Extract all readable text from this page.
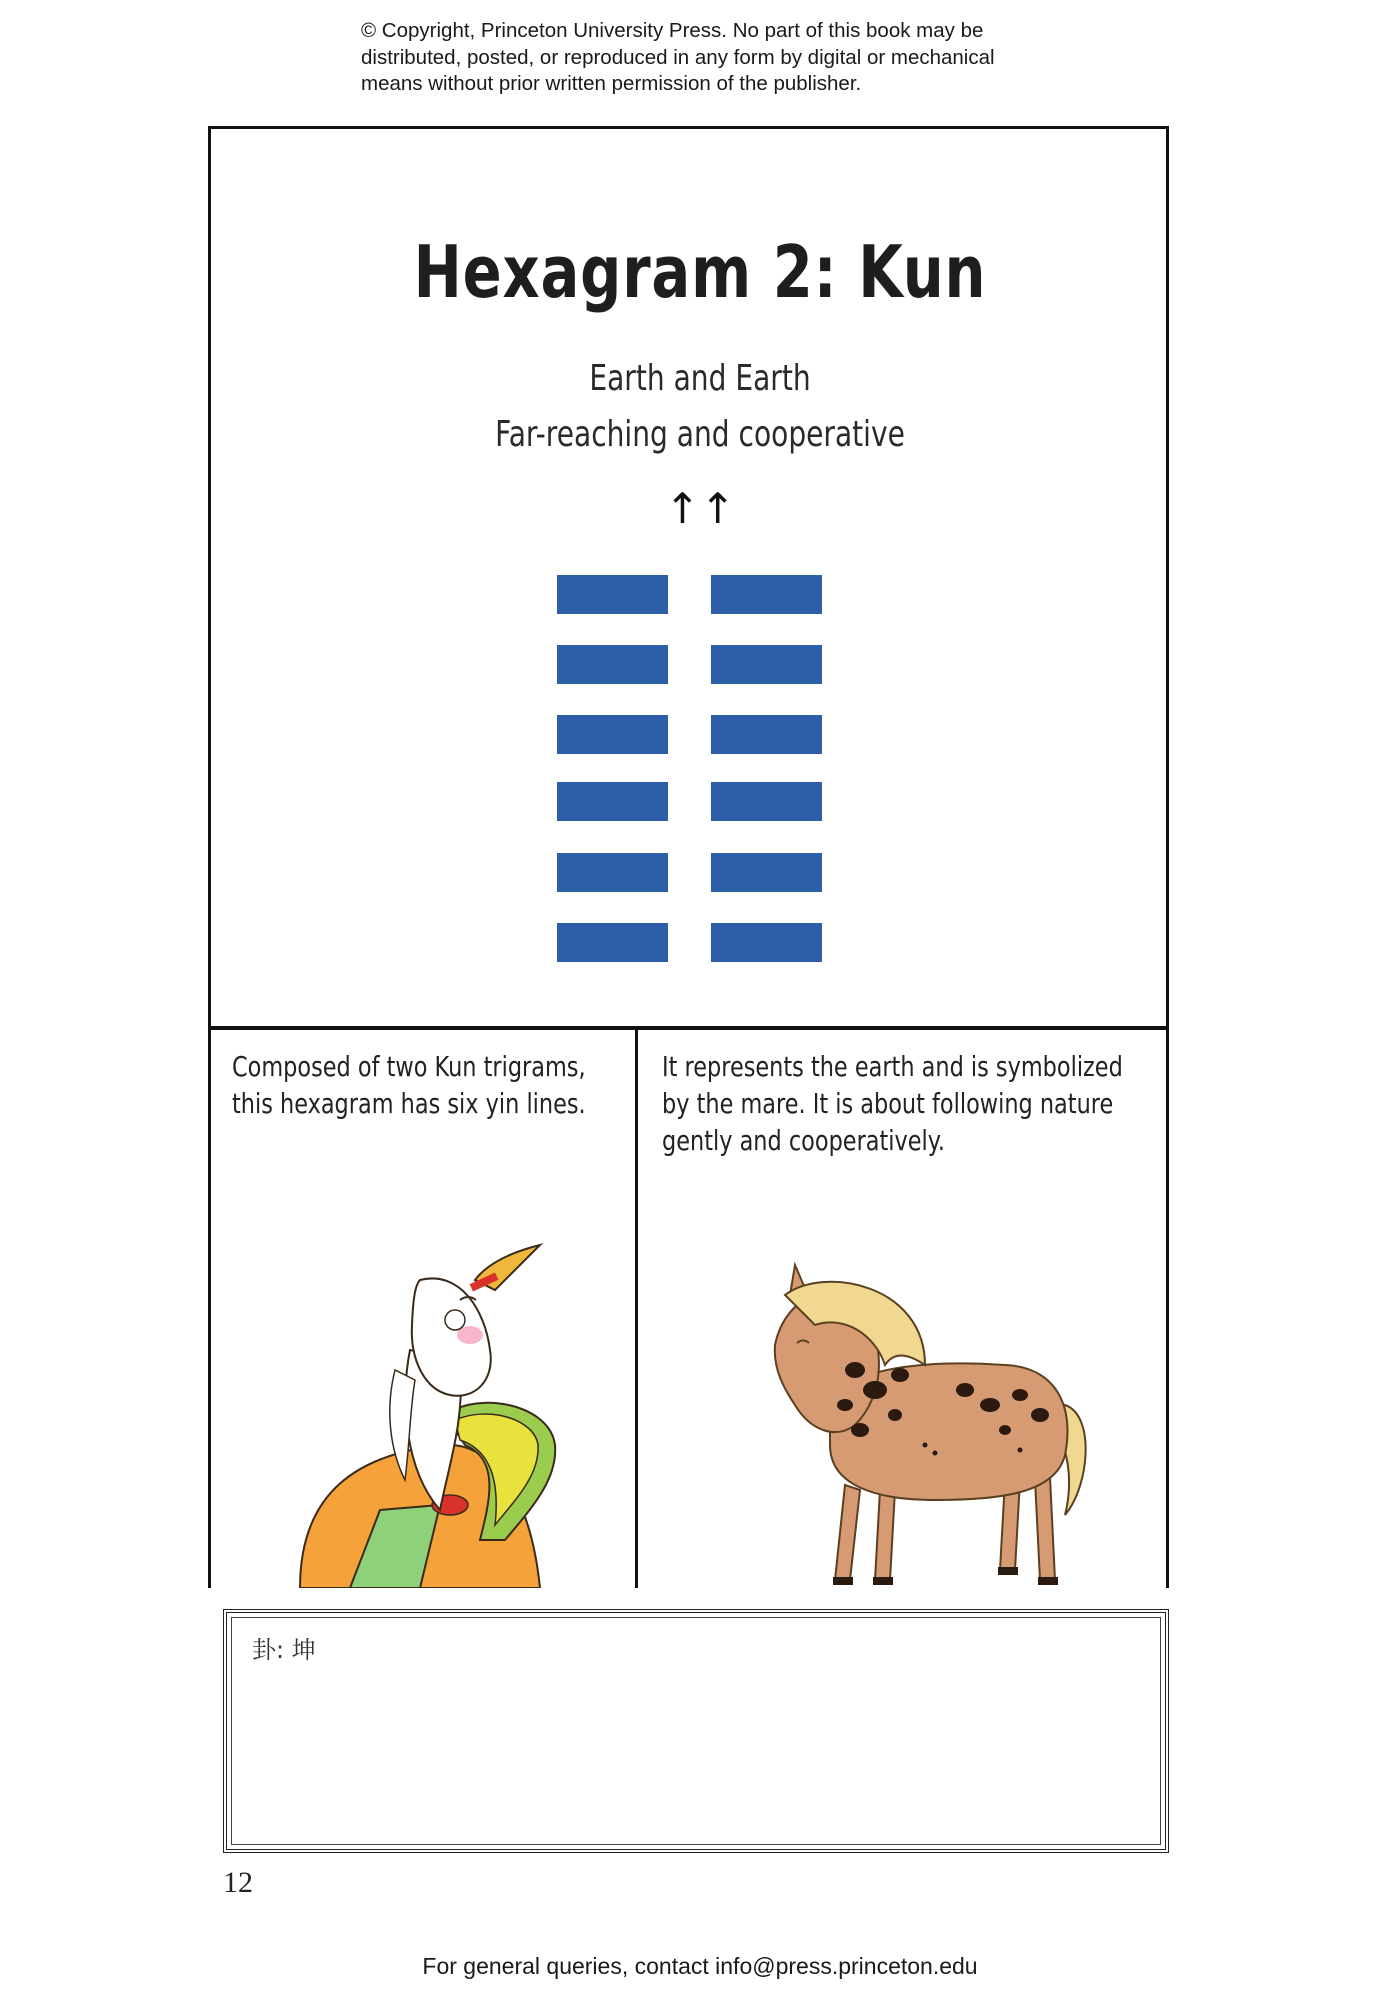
© Copyright, Princeton University Press. No part of this book may be
distributed, posted, or reproduced in any form by digital or mechanical
means without prior written permission of the publisher.
Hexagram 2: Kun
Earth and Earth
Far-reaching and cooperative
↑↑
Composed of two Kun trigrams,
this hexagram has six yin lines.
It represents the earth and is symbolized
by the mare. It is about following nature
gently and cooperatively.
卦: 坤
12
For general queries, contact info@press.princeton.edu
